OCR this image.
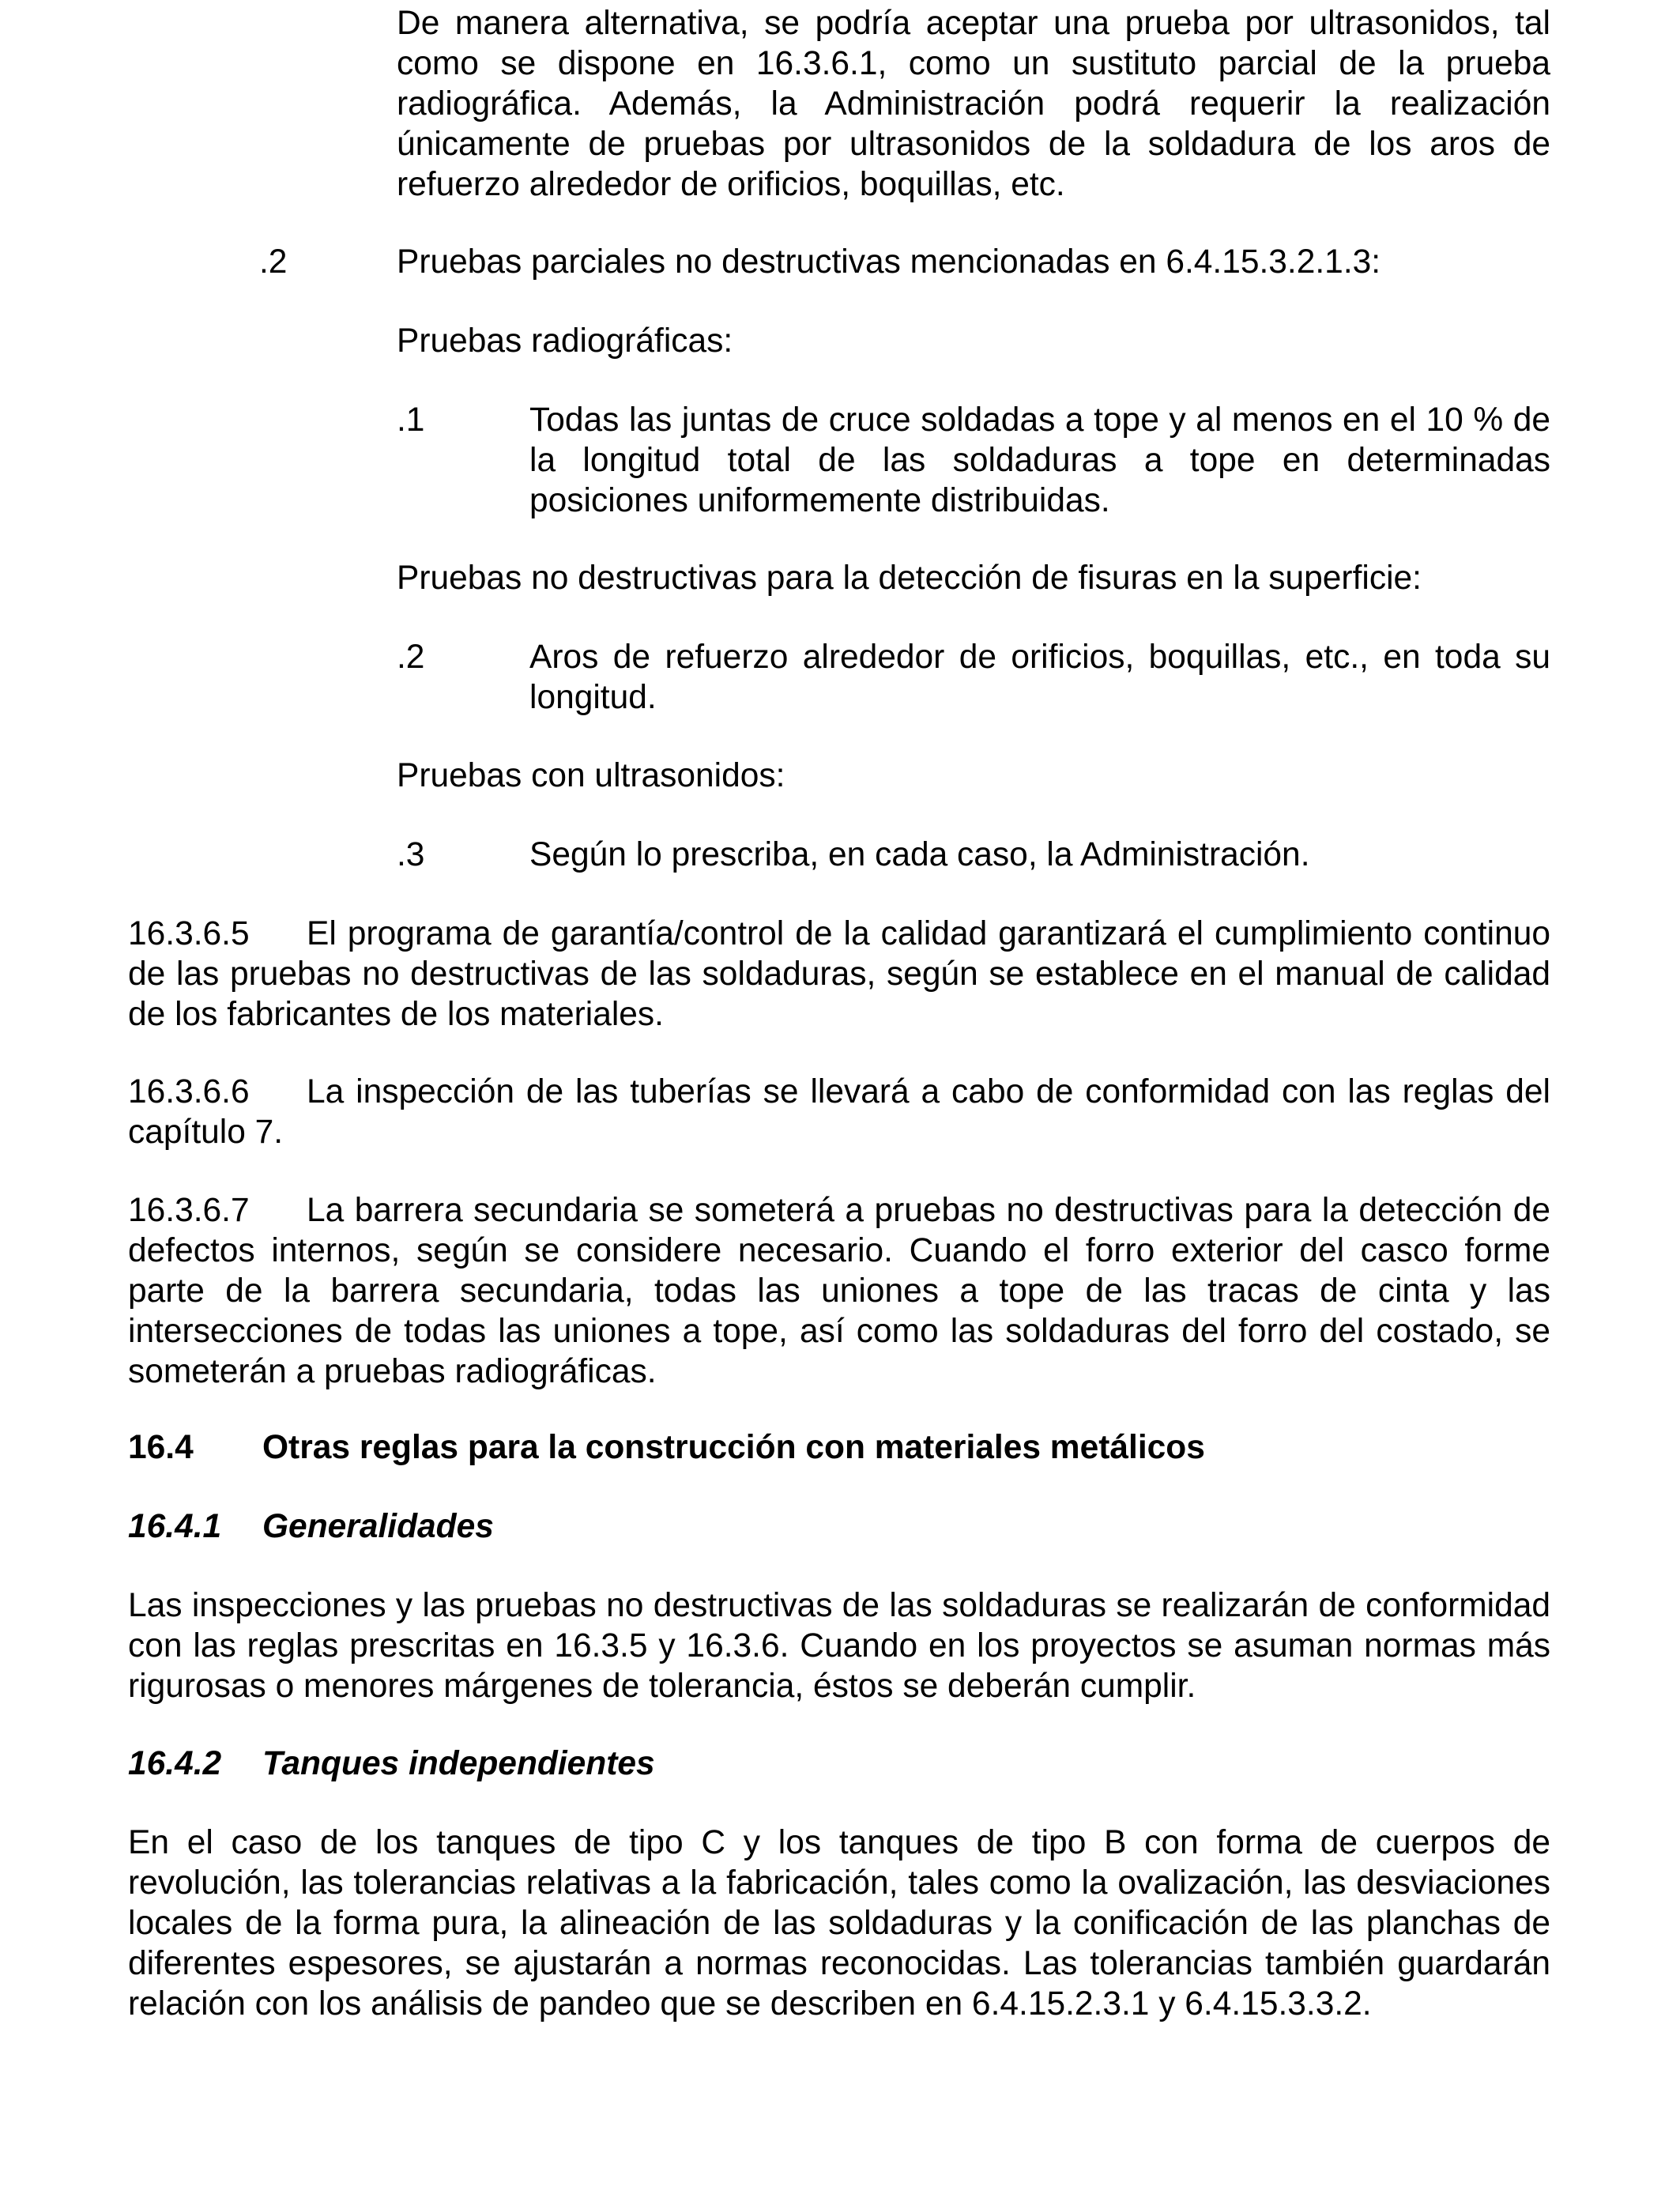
De manera alternativa, se podría aceptar una prueba por ultrasonidos, tal como se dispone en 16.3.6.1, como un sustituto parcial de la prueba radiográfica. Además, la Administración podrá requerir la realización únicamente de pruebas por ultrasonidos de la soldadura de los aros de refuerzo alrededor de orificios, boquillas, etc.

.2	Pruebas parciales no destructivas mencionadas en 6.4.15.3.2.1.3:
Pruebas radiográficas:
.1	Todas las juntas de cruce soldadas a tope y al menos en el 10 % de la longitud total de las soldaduras a tope en determinadas posiciones uniformemente distribuidas.

Pruebas no destructivas para la detección de fisuras en la superficie:
.2	Aros de refuerzo alrededor de orificios, boquillas, etc., en toda su longitud.

Pruebas con ultrasonidos:
.3	Según lo prescriba, en cada caso, la Administración.

16.3.6.5 El programa de garantía/control de la calidad garantizará el cumplimiento continuo de las pruebas no destructivas de las soldaduras, según se establece en el manual de calidad de los fabricantes de los materiales.

16.3.6.6 La inspección de las tuberías se llevará a cabo de conformidad con las reglas del capítulo 7.

16.3.6.7 La barrera secundaria se someterá a pruebas no destructivas para la detección de defectos internos, según se considere necesario. Cuando el forro exterior del casco forme parte de la barrera secundaria, todas las uniones a tope de las tracas de cinta y las intersecciones de todas las uniones a tope, así como las soldaduras del forro del costado, se someterán a pruebas radiográficas.

16.4 Otras reglas para la construcción con materiales metálicos
16.4.1 Generalidades

Las inspecciones y las pruebas no destructivas de las soldaduras se realizarán de conformidad con las reglas prescritas en 16.3.5 y 16.3.6. Cuando en los proyectos se asuman normas más rigurosas o menores márgenes de tolerancia, éstos se deberán cumplir.

16.4.2 Tanques independientes

En el caso de los tanques de tipo C y los tanques de tipo B con forma de cuerpos de revolución, las tolerancias relativas a la fabricación, tales como la ovalización, las desviaciones locales de la forma pura, la alineación de las soldaduras y la conificación de las planchas de diferentes espesores, se ajustarán a normas reconocidas. Las tolerancias también guardarán relación con los análisis de pandeo que se describen en 6.4.15.2.3.1 y 6.4.15.3.3.2.
